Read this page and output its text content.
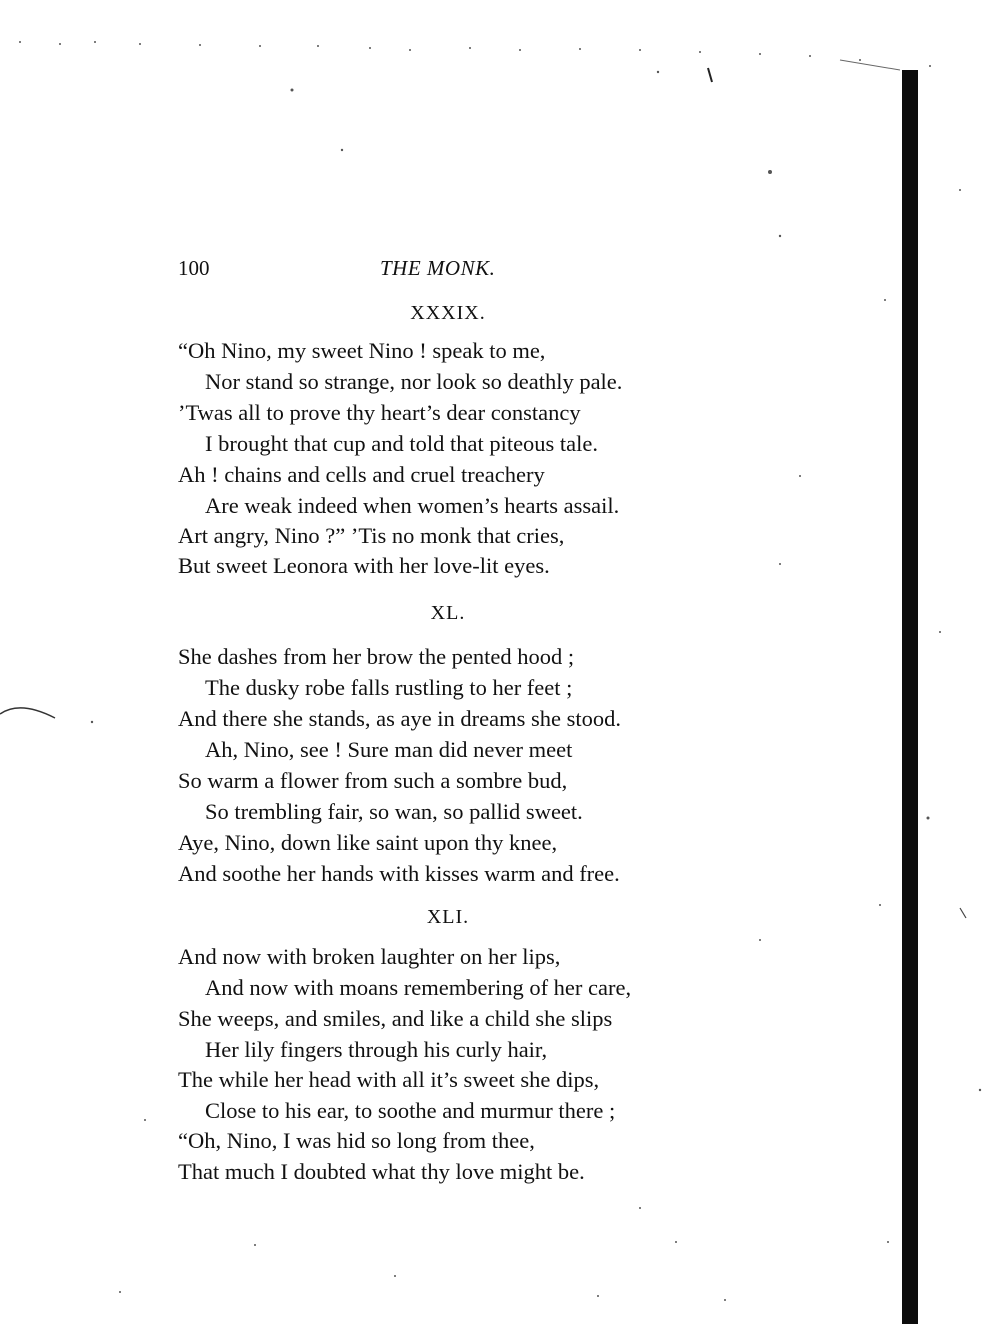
100	THE MONK.
XXXIX.
“Oh Nino, my sweet Nino ! speak to me,
Nor stand so strange, nor look so deathly pale.
’Twas all to prove thy heart’s dear constancy
I brought that cup and told that piteous tale.
Ah ! chains and cells and cruel treachery
Are weak indeed when women’s hearts assail.
Art angry, Nino ?” ’Tis no monk that cries,
But sweet Leonora with her love-lit eyes.
XL.
She dashes from her brow the pented hood ;
The dusky robe falls rustling to her feet ;
And there she stands, as aye in dreams she stood.
Ah, Nino, see ! Sure man did never meet
So warm a flower from such a sombre bud,
So trembling fair, so wan, so pallid sweet.
Aye, Nino, down like saint upon thy knee,
And soothe her hands with kisses warm and free.
XLI.
And now with broken laughter on her lips,
And now with moans remembering of her care,
She weeps, and smiles, and like a child she slips
Her lily fingers through his curly hair,
The while her head with all it’s sweet she dips,
Close to his ear, to soothe and murmur there ;
“Oh, Nino, I was hid so long from thee,
That much I doubted what thy love might be.
